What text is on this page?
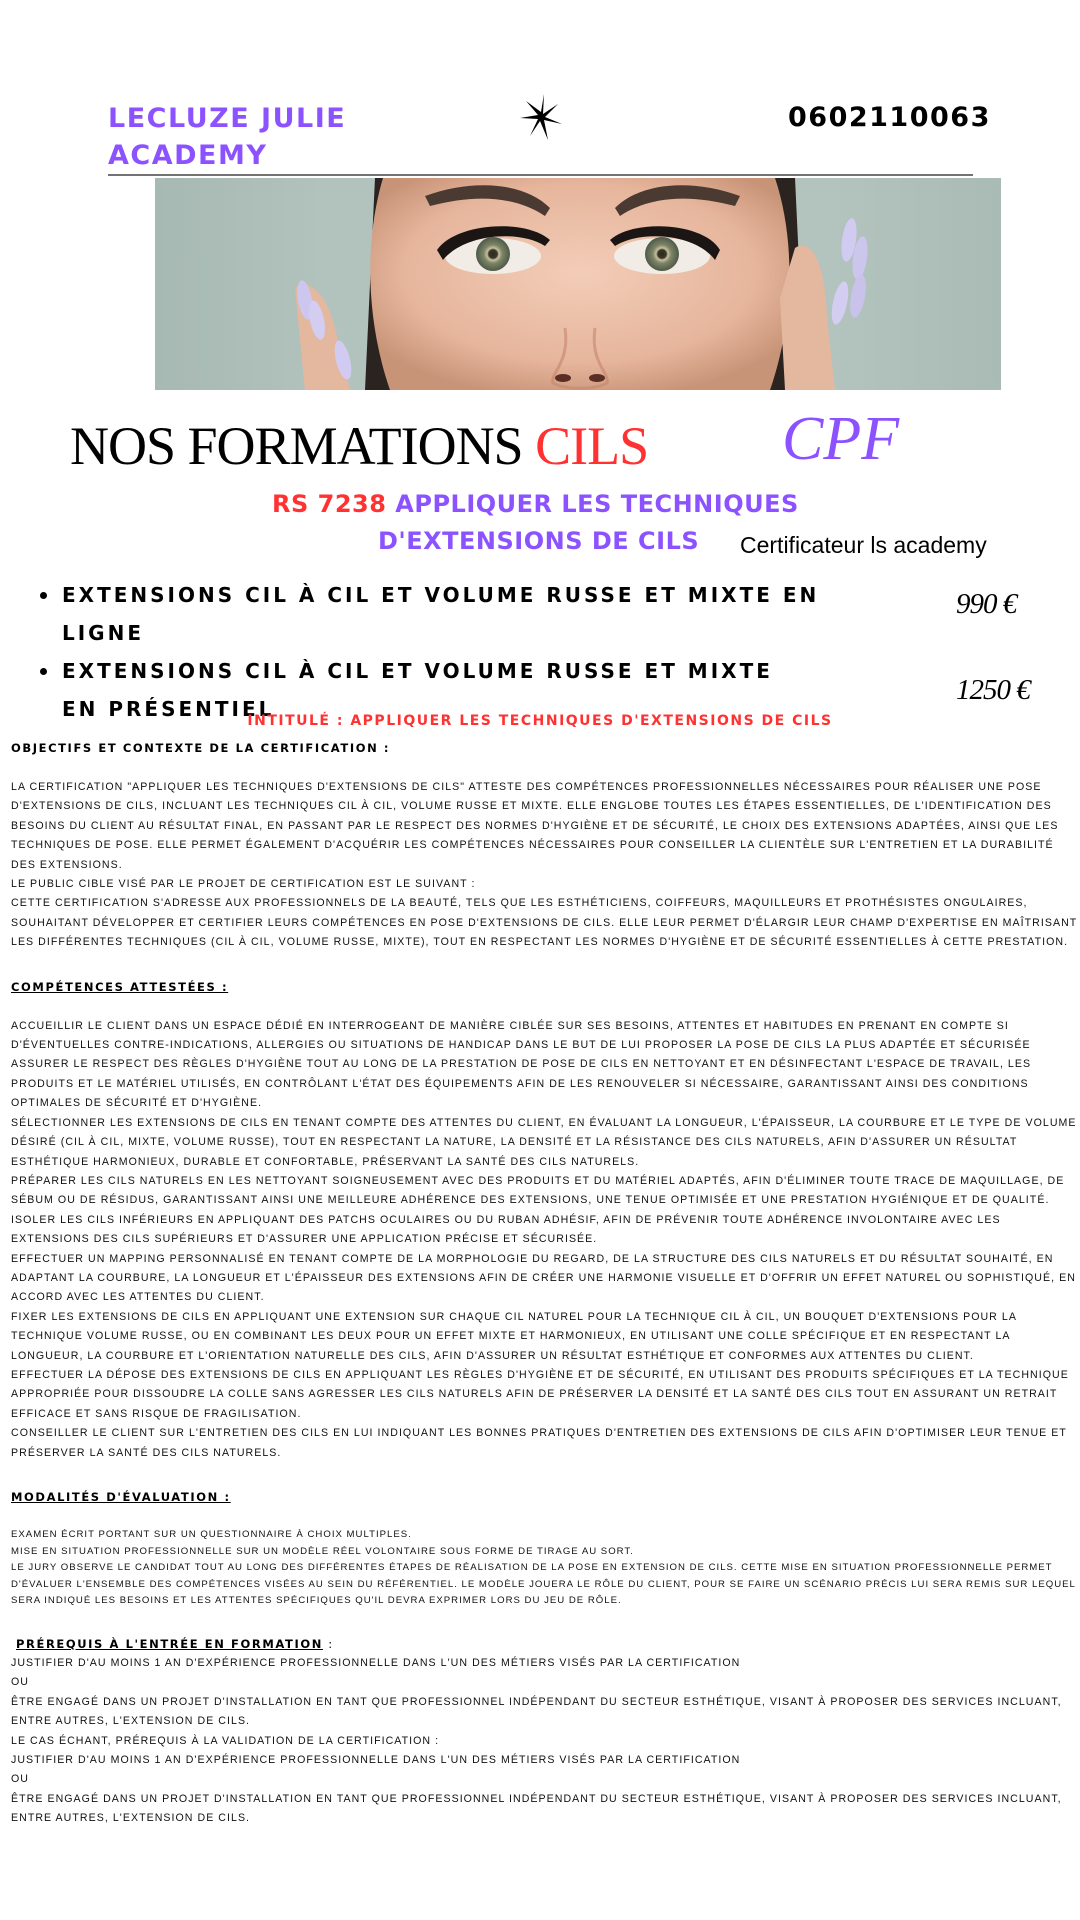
LECLUZE JULIE
ACADEMY
0602110063
NOS FORMATIONS CILS CPF
RS 7238 APPLIQUER LES TECHNIQUES
D'EXTENSIONS DE CILS Certificateur ls academy
EXTENSIONS CIL À CIL ET VOLUME RUSSE ET MIXTE EN LIGNE
EXTENSIONS CIL À CIL ET VOLUME RUSSE ET MIXTE EN PRÉSENTIEL
990 €
1250 €
INTITULÉ : APPLIQUER LES TECHNIQUES D'EXTENSIONS DE CILS
OBJECTIFS ET CONTEXTE DE LA CERTIFICATION :
LA CERTIFICATION "APPLIQUER LES TECHNIQUES D'EXTENSIONS DE CILS" ATTESTE DES COMPÉTENCES PROFESSIONNELLES NÉCESSAIRES POUR RÉALISER UNE POSE D'EXTENSIONS DE CILS, INCLUANT LES TECHNIQUES CIL À CIL, VOLUME RUSSE ET MIXTE. ELLE ENGLOBE TOUTES LES ÉTAPES ESSENTIELLES, DE L'IDENTIFICATION DES BESOINS DU CLIENT AU RÉSULTAT FINAL, EN PASSANT PAR LE RESPECT DES NORMES D'HYGIÈNE ET DE SÉCURITÉ, LE CHOIX DES EXTENSIONS ADAPTÉES, AINSI QUE LES TECHNIQUES DE POSE. ELLE PERMET ÉGALEMENT D'ACQUÉRIR LES COMPÉTENCES NÉCESSAIRES POUR CONSEILLER LA CLIENTÈLE SUR L'ENTRETIEN ET LA DURABILITÉ DES EXTENSIONS.
LE PUBLIC CIBLE VISÉ PAR LE PROJET DE CERTIFICATION EST LE SUIVANT :
CETTE CERTIFICATION S'ADRESSE AUX PROFESSIONNELS DE LA BEAUTÉ, TELS QUE LES ESTHÉTICIENS, COIFFEURS, MAQUILLEURS ET PROTHÉSISTES ONGULAIRES, SOUHAITANT DÉVELOPPER ET CERTIFIER LEURS COMPÉTENCES EN POSE D'EXTENSIONS DE CILS. ELLE LEUR PERMET D'ÉLARGIR LEUR CHAMP D'EXPERTISE EN MAÎTRISANT LES DIFFÉRENTES TECHNIQUES (CIL À CIL, VOLUME RUSSE, MIXTE), TOUT EN RESPECTANT LES NORMES D'HYGIÈNE ET DE SÉCURITÉ ESSENTIELLES À CETTE PRESTATION.
COMPÉTENCES ATTESTÉES :
ACCUEILLIR LE CLIENT DANS UN ESPACE DÉDIÉ EN INTERROGEANT DE MANIÈRE CIBLÉE SUR SES BESOINS, ATTENTES ET HABITUDES EN PRENANT EN COMPTE SI D'ÉVENTUELLES CONTRE-INDICATIONS, ALLERGIES OU SITUATIONS DE HANDICAP DANS LE BUT DE LUI PROPOSER LA POSE DE CILS LA PLUS ADAPTÉE ET SÉCURISÉE
ASSURER LE RESPECT DES RÈGLES D'HYGIÈNE TOUT AU LONG DE LA PRESTATION DE POSE DE CILS EN NETTOYANT ET EN DÉSINFECTANT L'ESPACE DE TRAVAIL, LES PRODUITS ET LE MATÉRIEL UTILISÉS, EN CONTRÔLANT L'ÉTAT DES ÉQUIPEMENTS AFIN DE LES RENOUVELER SI NÉCESSAIRE, GARANTISSANT AINSI DES CONDITIONS OPTIMALES DE SÉCURITÉ ET D'HYGIÈNE.
SÉLECTIONNER LES EXTENSIONS DE CILS EN TENANT COMPTE DES ATTENTES DU CLIENT, EN ÉVALUANT LA LONGUEUR, L'ÉPAISSEUR, LA COURBURE ET LE TYPE DE VOLUME DÉSIRÉ (CIL À CIL, MIXTE, VOLUME RUSSE), TOUT EN RESPECTANT LA NATURE, LA DENSITÉ ET LA RÉSISTANCE DES CILS NATURELS, AFIN D'ASSURER UN RÉSULTAT ESTHÉTIQUE HARMONIEUX, DURABLE ET CONFORTABLE, PRÉSERVANT LA SANTÉ DES CILS NATURELS.
PRÉPARER LES CILS NATURELS EN LES NETTOYANT SOIGNEUSEMENT AVEC DES PRODUITS ET DU MATÉRIEL ADAPTÉS, AFIN D'ÉLIMINER TOUTE TRACE DE MAQUILLAGE, DE SÉBUM OU DE RÉSIDUS, GARANTISSANT AINSI UNE MEILLEURE ADHÉRENCE DES EXTENSIONS, UNE TENUE OPTIMISÉE ET UNE PRESTATION HYGIÉNIQUE ET DE QUALITÉ.
ISOLER LES CILS INFÉRIEURS EN APPLIQUANT DES PATCHS OCULAIRES OU DU RUBAN ADHÉSIF, AFIN DE PRÉVENIR TOUTE ADHÉRENCE INVOLONTAIRE AVEC LES EXTENSIONS DES CILS SUPÉRIEURS ET D'ASSURER UNE APPLICATION PRÉCISE ET SÉCURISÉE.
EFFECTUER UN MAPPING PERSONNALISÉ EN TENANT COMPTE DE LA MORPHOLOGIE DU REGARD, DE LA STRUCTURE DES CILS NATURELS ET DU RÉSULTAT SOUHAITÉ, EN ADAPTANT LA COURBURE, LA LONGUEUR ET L'ÉPAISSEUR DES EXTENSIONS AFIN DE CRÉER UNE HARMONIE VISUELLE ET D'OFFRIR UN EFFET NATUREL OU SOPHISTIQUÉ, EN ACCORD AVEC LES ATTENTES DU CLIENT.
FIXER LES EXTENSIONS DE CILS EN APPLIQUANT UNE EXTENSION SUR CHAQUE CIL NATUREL POUR LA TECHNIQUE CIL À CIL, UN BOUQUET D'EXTENSIONS POUR LA TECHNIQUE VOLUME RUSSE, OU EN COMBINANT LES DEUX POUR UN EFFET MIXTE ET HARMONIEUX, EN UTILISANT UNE COLLE SPÉCIFIQUE ET EN RESPECTANT LA LONGUEUR, LA COURBURE ET L'ORIENTATION NATURELLE DES CILS, AFIN D'ASSURER UN RÉSULTAT ESTHÉTIQUE ET CONFORMES AUX ATTENTES DU CLIENT.
EFFECTUER LA DÉPOSE DES EXTENSIONS DE CILS EN APPLIQUANT LES RÈGLES D'HYGIÈNE ET DE SÉCURITÉ, EN UTILISANT DES PRODUITS SPÉCIFIQUES ET LA TECHNIQUE APPROPRIÉE POUR DISSOUDRE LA COLLE SANS AGRESSER LES CILS NATURELS AFIN DE PRÉSERVER LA DENSITÉ ET LA SANTÉ DES CILS TOUT EN ASSURANT UN RETRAIT EFFICACE ET SANS RISQUE DE FRAGILISATION.
CONSEILLER LE CLIENT SUR L'ENTRETIEN DES CILS EN LUI INDIQUANT LES BONNES PRATIQUES D'ENTRETIEN DES EXTENSIONS DE CILS AFIN D'OPTIMISER LEUR TENUE ET PRÉSERVER LA SANTÉ DES CILS NATURELS.
MODALITÉS D'ÉVALUATION :
EXAMEN ÉCRIT PORTANT SUR UN QUESTIONNAIRE À CHOIX MULTIPLES.
MISE EN SITUATION PROFESSIONNELLE SUR UN MODÈLE RÉEL VOLONTAIRE SOUS FORME DE TIRAGE AU SORT.
LE JURY OBSERVE LE CANDIDAT TOUT AU LONG DES DIFFÉRENTES ÉTAPES DE RÉALISATION DE LA POSE EN EXTENSION DE CILS. CETTE MISE EN SITUATION PROFESSIONNELLE PERMET D'ÉVALUER L'ENSEMBLE DES COMPÉTENCES VISÉES AU SEIN DU RÉFÉRENTIEL. LE MODÈLE JOUERA LE RÔLE DU CLIENT, POUR SE FAIRE UN SCÉNARIO PRÉCIS LUI SERA REMIS SUR LEQUEL SERA INDIQUÉ LES BESOINS ET LES ATTENTES SPÉCIFIQUES QU'IL DEVRA EXPRIMER LORS DU JEU DE RÔLE.
PRÉREQUIS À L'ENTRÉE EN FORMATION :
JUSTIFIER D'AU MOINS 1 AN D'EXPÉRIENCE PROFESSIONNELLE DANS L'UN DES MÉTIERS VISÉS PAR LA CERTIFICATION
OU
ÊTRE ENGAGÉ DANS UN PROJET D'INSTALLATION EN TANT QUE PROFESSIONNEL INDÉPENDANT DU SECTEUR ESTHÉTIQUE, VISANT À PROPOSER DES SERVICES INCLUANT, ENTRE AUTRES, L'EXTENSION DE CILS.
LE CAS ÉCHANT, PRÉREQUIS À LA VALIDATION DE LA CERTIFICATION :
JUSTIFIER D'AU MOINS 1 AN D'EXPÉRIENCE PROFESSIONNELLE DANS L'UN DES MÉTIERS VISÉS PAR LA CERTIFICATION
OU
ÊTRE ENGAGÉ DANS UN PROJET D'INSTALLATION EN TANT QUE PROFESSIONNEL INDÉPENDANT DU SECTEUR ESTHÉTIQUE, VISANT À PROPOSER DES SERVICES INCLUANT, ENTRE AUTRES, L'EXTENSION DE CILS.
